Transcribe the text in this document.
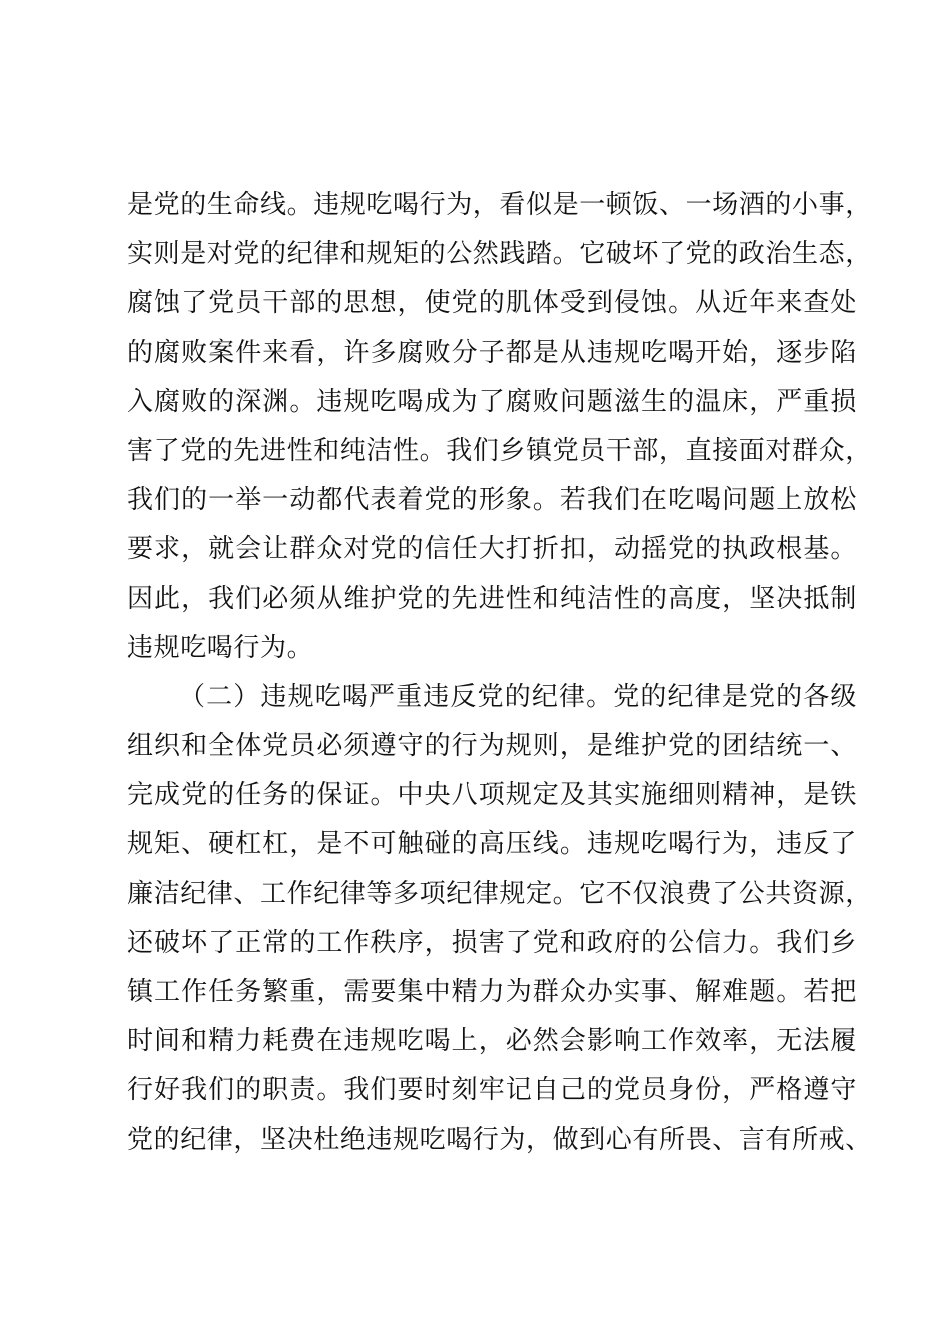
是党的生命线。违规吃喝行为，看似是一顿饭、一场酒的小事，
实则是对党的纪律和规矩的公然践踏。它破坏了党的政治生态，
腐蚀了党员干部的思想，使党的肌体受到侵蚀。从近年来查处
的腐败案件来看，许多腐败分子都是从违规吃喝开始，逐步陷
入腐败的深渊。违规吃喝成为了腐败问题滋生的温床，严重损
害了党的先进性和纯洁性。我们乡镇党员干部，直接面对群众，
我们的一举一动都代表着党的形象。若我们在吃喝问题上放松
要求，就会让群众对党的信任大打折扣，动摇党的执政根基。
因此，我们必须从维护党的先进性和纯洁性的高度，坚决抵制
违规吃喝行为。
（二）违规吃喝严重违反党的纪律。党的纪律是党的各级
组织和全体党员必须遵守的行为规则，是维护党的团结统一、
完成党的任务的保证。中央八项规定及其实施细则精神，是铁
规矩、硬杠杠，是不可触碰的高压线。违规吃喝行为，违反了
廉洁纪律、工作纪律等多项纪律规定。它不仅浪费了公共资源，
还破坏了正常的工作秩序，损害了党和政府的公信力。我们乡
镇工作任务繁重，需要集中精力为群众办实事、解难题。若把
时间和精力耗费在违规吃喝上，必然会影响工作效率，无法履
行好我们的职责。我们要时刻牢记自己的党员身份，严格遵守
党的纪律，坚决杜绝违规吃喝行为，做到心有所畏、言有所戒、
